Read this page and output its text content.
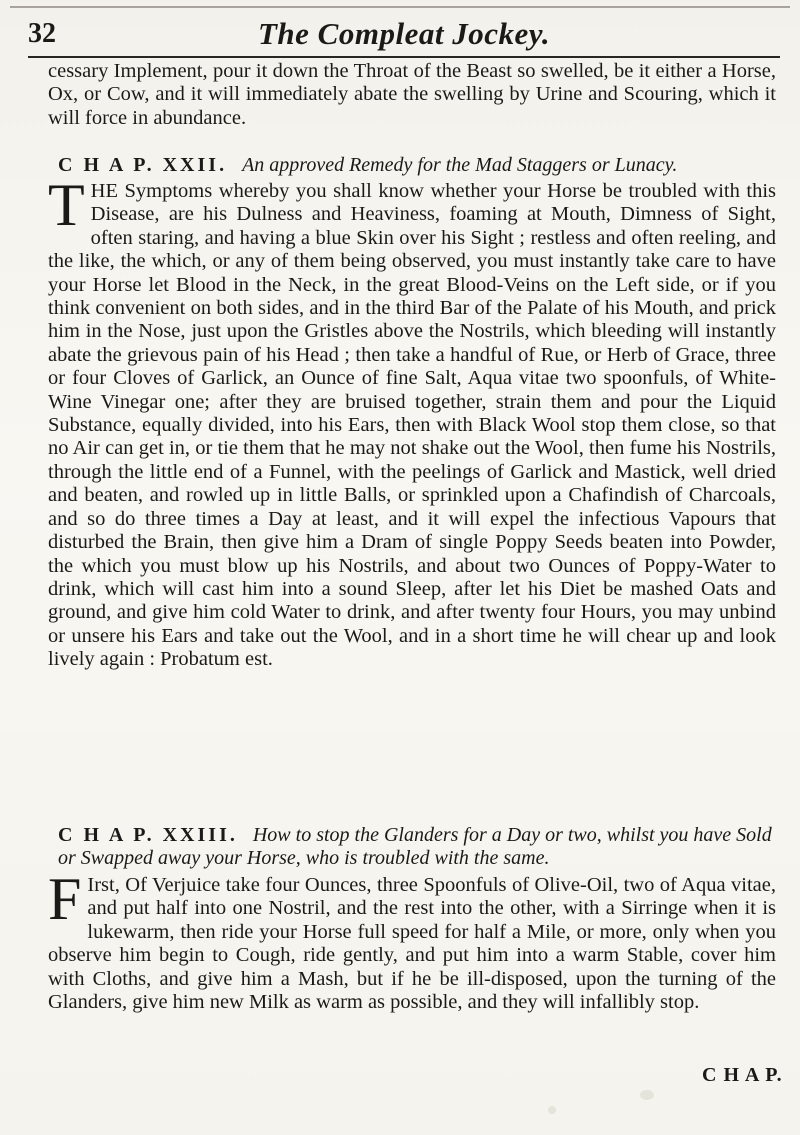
32	The Compleat Jockey.

cessary Implement, pour it down the Throat of the Beast so swelled, be it either a Horse, Ox, or Cow, and it will immediately abate the swelling by Urine and Scouring, which it will force in abundance.

C H A P. XXII. An approved Remedy for the Mad Staggers or Lunacy.
T HE Symptoms whereby you shall know whether your Horse be troubled with this Disease, are his Dulness and Heaviness, foaming at Mouth, Dimness of Sight, often staring, and having a blue Skin over his Sight ; restless and often reeling, and the like, the which, or any of them being observed, you must instantly take care to have your Horse let Blood in the Neck, in the great Blood-Veins on the Left side, or if you think convenient on both sides, and in the third Bar of the Palate of his Mouth, and prick him in the Nose, just upon the Gristles above the Nostrils, which bleeding will instantly abate the grievous pain of his Head ; then take a handful of Rue, or Herb of Grace, three or four Cloves of Garlick, an Ounce of fine Salt, Aqua vitae two spoonfuls, of White-Wine Vinegar one; after they are bruised together, strain them and pour the Liquid Substance, equally divided, into his Ears, then with Black Wool stop them close, so that no Air can get in, or tie them that he may not shake out the Wool, then fume his Nostrils, through the little end of a Funnel, with the peelings of Garlick and Mastick, well dried and beaten, and rowled up in little Balls, or sprinkled upon a Chafindish of Charcoals, and so do three times a Day at least, and it will expel the infectious Vapours that disturbed the Brain, then give him a Dram of single Poppy Seeds beaten into Powder, the which you must blow up his Nostrils, and about two Ounces of Poppy-Water to drink, which will cast him into a sound Sleep, after let his Diet be mashed Oats and ground, and give him cold Water to drink, and after twenty four Hours, you may unbind or unsere his Ears and take out the Wool, and in a short time he will chear up and look lively again : Probatum est.

C H A P. XXIII. How to stop the Glanders for a Day or two, whilst you have Sold or Swapped away your Horse, who is troubled with the same.
F Irst, Of Verjuice take four Ounces, three Spoonfuls of Olive-Oil, two of Aqua vitae, and put half into one Nostril, and the rest into the other, with a Sirringe when it is lukewarm, then ride your Horse full speed for half a Mile, or more, only when you observe him begin to Cough, ride gently, and put him into a warm Stable, cover him with Cloths, and give him a Mash, but if he be ill-disposed, upon the turning of the Glanders, give him new Milk as warm as possible, and they will infallibly stop.

C H A P.
